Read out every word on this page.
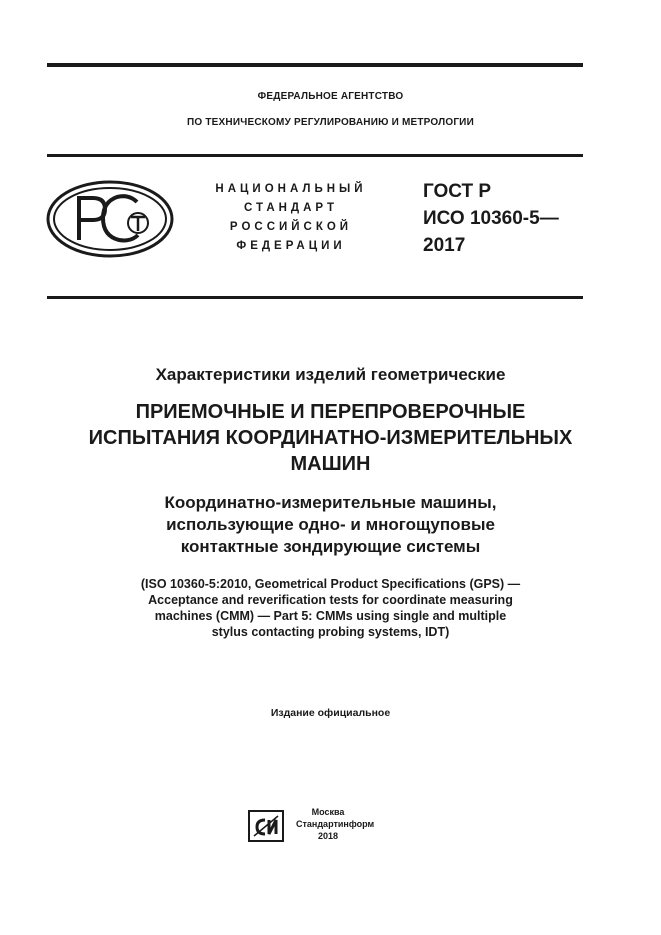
ФЕДЕРАЛЬНОЕ АГЕНТСТВО
ПО ТЕХНИЧЕСКОМУ РЕГУЛИРОВАНИЮ И МЕТРОЛОГИИ
НАЦИОНАЛЬНЫЙ
СТАНДАРТ
РОССИЙСКОЙ
ФЕДЕРАЦИИ
ГОСТ Р
ИСО 10360-5—
2017
Характеристики изделий геометрические
ПРИЕМОЧНЫЕ И ПЕРЕПРОВЕРОЧНЫЕ
ИСПЫТАНИЯ КООРДИНАТНО-ИЗМЕРИТЕЛЬНЫХ
МАШИН
Координатно-измерительные машины,
использующие одно- и многощуповые
контактные зондирующие системы
(ISO 10360-5:2010, Geometrical Product Specifications (GPS) —
Acceptance and reverification tests for coordinate measuring
machines (CMM) — Part 5: CMMs using single and multiple
stylus contacting probing systems, IDT)
Издание официальное
Москва
Стандартинформ
2018
